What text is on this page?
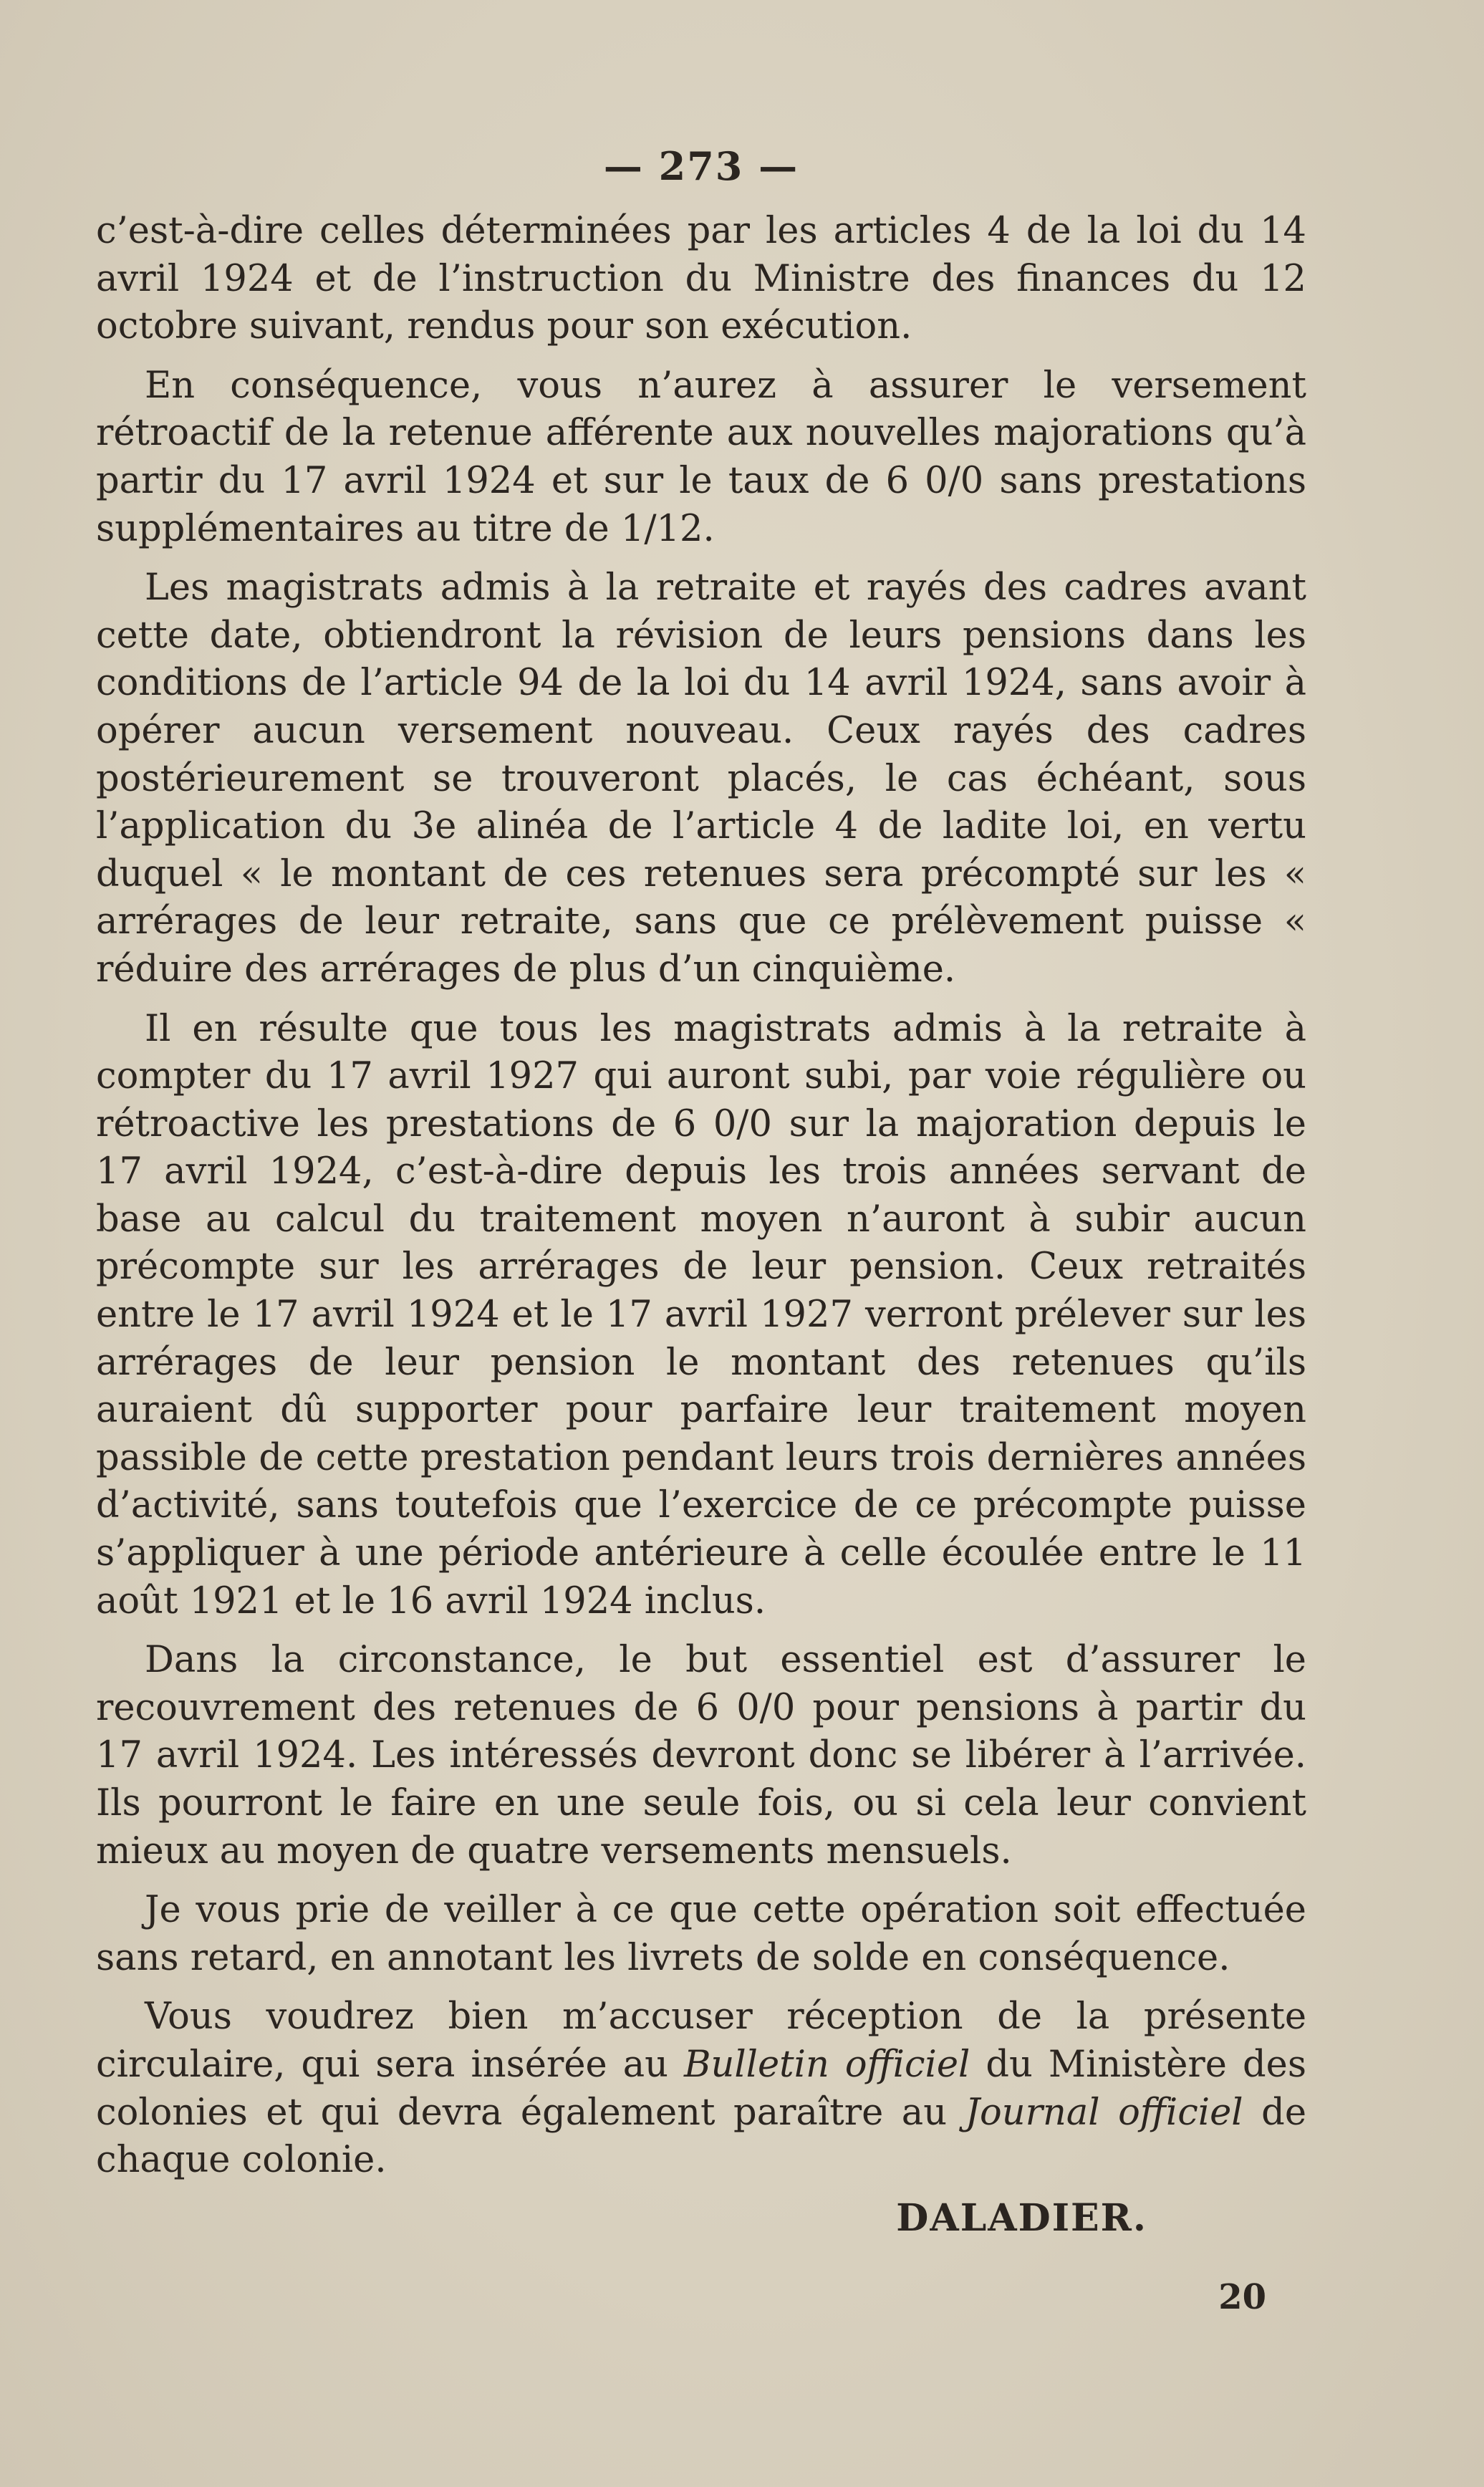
— 273 —

c’est-à-dire celles déterminées par les articles 4 de la loi du 14 avril 1924 et de l’instruction du Ministre des finances du 12 octobre suivant, rendus pour son exécution.

En conséquence, vous n’aurez à assurer le versement rétroactif de la retenue afférente aux nouvelles majorations qu’à partir du 17 avril 1924 et sur le taux de 6 0/0 sans prestations supplémentaires au titre de 1/12.

Les magistrats admis à la retraite et rayés des cadres avant cette date, obtiendront la révision de leurs pensions dans les conditions de l’article 94 de la loi du 14 avril 1924, sans avoir à opérer aucun versement nouveau. Ceux rayés des cadres postérieurement se trouveront placés, le cas échéant, sous l’application du 3e alinéa de l’article 4 de ladite loi, en vertu duquel « le montant de ces retenues sera précompté sur les « arrérages de leur retraite, sans que ce prélèvement puisse « réduire des arrérages de plus d’un cinquième.

Il en résulte que tous les magistrats admis à la retraite à compter du 17 avril 1927 qui auront subi, par voie régulière ou rétroactive les prestations de 6 0/0 sur la majoration depuis le 17 avril 1924, c’est-à-dire depuis les trois années servant de base au calcul du traitement moyen n’auront à subir aucun précompte sur les arrérages de leur pension. Ceux retraités entre le 17 avril 1924 et le 17 avril 1927 verront prélever sur les arrérages de leur pension le montant des retenues qu’ils auraient dû supporter pour parfaire leur traitement moyen passible de cette prestation pendant leurs trois dernières années d’activité, sans toutefois que l’exercice de ce précompte puisse s’appliquer à une période antérieure à celle écoulée entre le 11 août 1921 et le 16 avril 1924 inclus.

Dans la circonstance, le but essentiel est d’assurer le recouvrement des retenues de 6 0/0 pour pensions à partir du 17 avril 1924. Les intéressés devront donc se libérer à l’arrivée. Ils pourront le faire en une seule fois, ou si cela leur convient mieux au moyen de quatre versements mensuels.

Je vous prie de veiller à ce que cette opération soit effectuée sans retard, en annotant les livrets de solde en conséquence.

Vous voudrez bien m’accuser réception de la présente circulaire, qui sera insérée au Bulletin officiel du Ministère des colonies et qui devra également paraître au Journal officiel de chaque colonie.

DALADIER.
20
